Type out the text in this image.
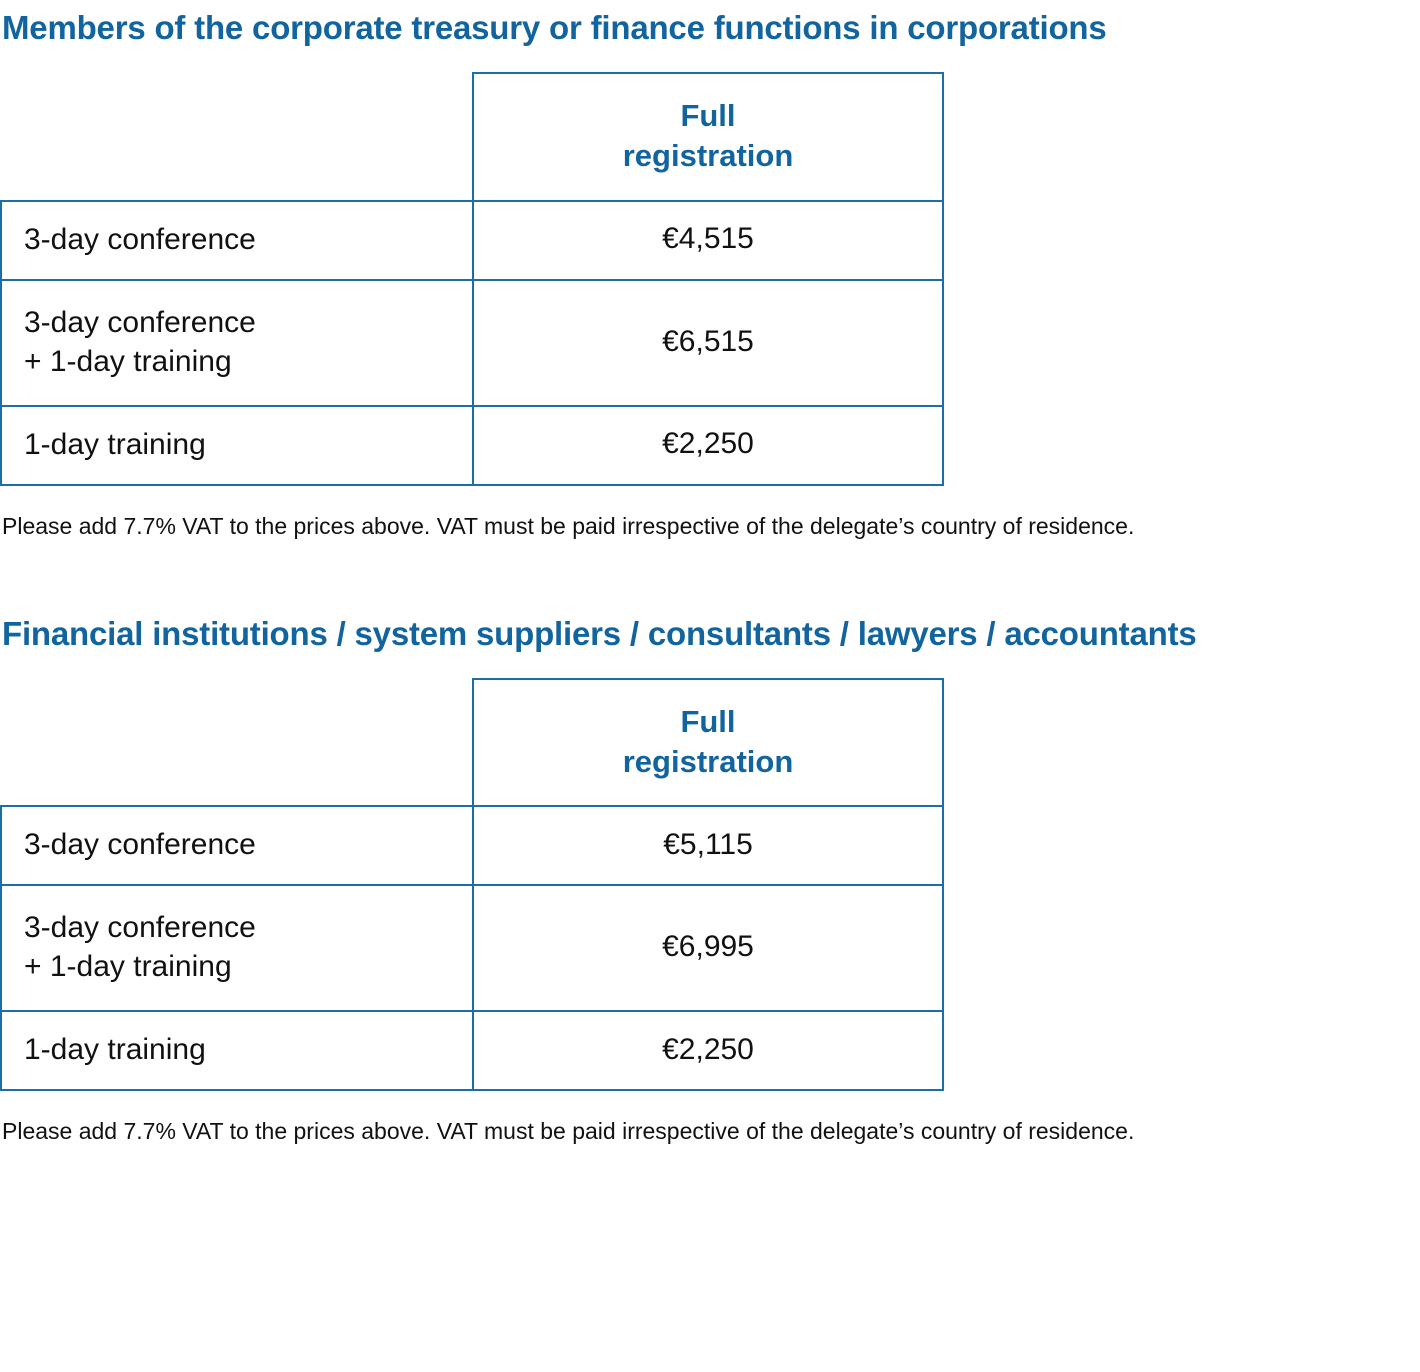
Members of the corporate treasury or finance functions in corporations
	Full
registration

3-day conference	€4,515
3-day conference
+ 1-day training	€6,515
1-day training	€2,250

Please add 7.7% VAT to the prices above. VAT must be paid irrespective of the delegate’s country of residence.

Financial institutions / system suppliers / consultants / lawyers / accountants
	Full
registration

3-day conference	€5,115
3-day conference
+ 1-day training	€6,995
1-day training	€2,250

Please add 7.7% VAT to the prices above. VAT must be paid irrespective of the delegate’s country of residence.
